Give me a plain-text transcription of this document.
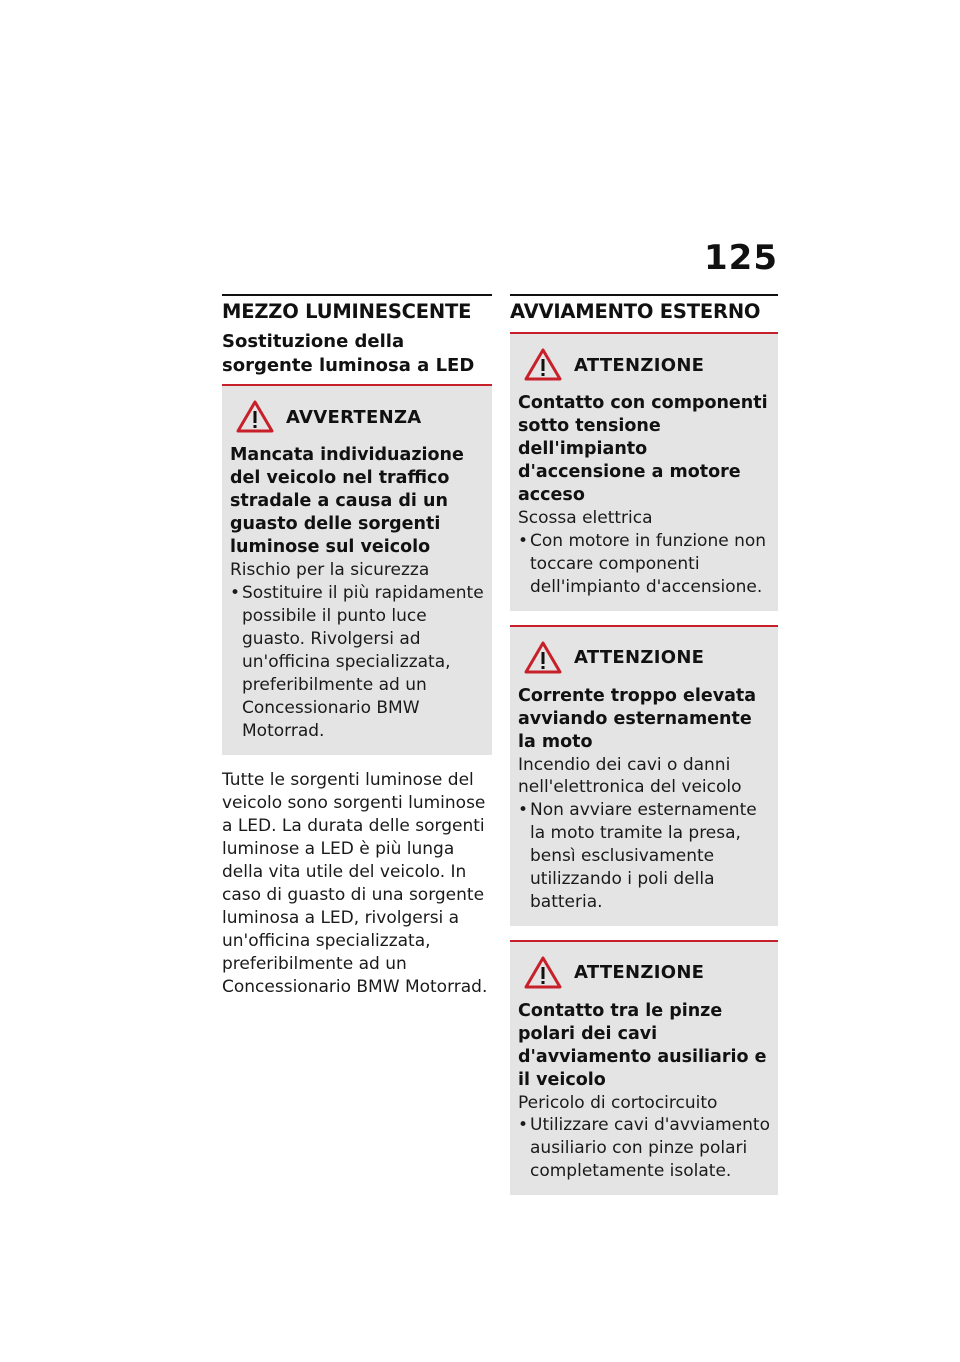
125
MEZZO LUMINESCENTE
Sostituzione della sorgente luminosa a LED
AVVERTENZA
Mancata individuazione del veicolo nel traffico stradale a causa di un guasto delle sorgenti luminose sul veicolo
Rischio per la sicurezza
• Sostituire il più rapidamente possibile il punto luce guasto. Rivolgersi ad un'officina specializzata, preferibilmente ad un Concessionario BMW Motorrad.
Tutte le sorgenti luminose del veicolo sono sorgenti luminose a LED. La durata delle sorgenti luminose a LED è più lunga della vita utile del veicolo. In caso di guasto di una sorgente luminosa a LED, rivolgersi a un'officina specializzata, preferibilmente ad un Concessionario BMW Motorrad.
AVVIAMENTO ESTERNO
ATTENZIONE
Contatto con componenti sotto tensione dell'impianto d'accensione a motore acceso
Scossa elettrica
• Con motore in funzione non toccare componenti dell'impianto d'accensione.
ATTENZIONE
Corrente troppo elevata avviando esternamente la moto
Incendio dei cavi o danni nell'elettronica del veicolo
• Non avviare esternamente la moto tramite la presa, bensì esclusivamente utilizzando i poli della batteria.
ATTENZIONE
Contatto tra le pinze polari dei cavi d'avviamento ausiliario e il veicolo
Pericolo di cortocircuito
• Utilizzare cavi d'avviamento ausiliario con pinze polari completamente isolate.
